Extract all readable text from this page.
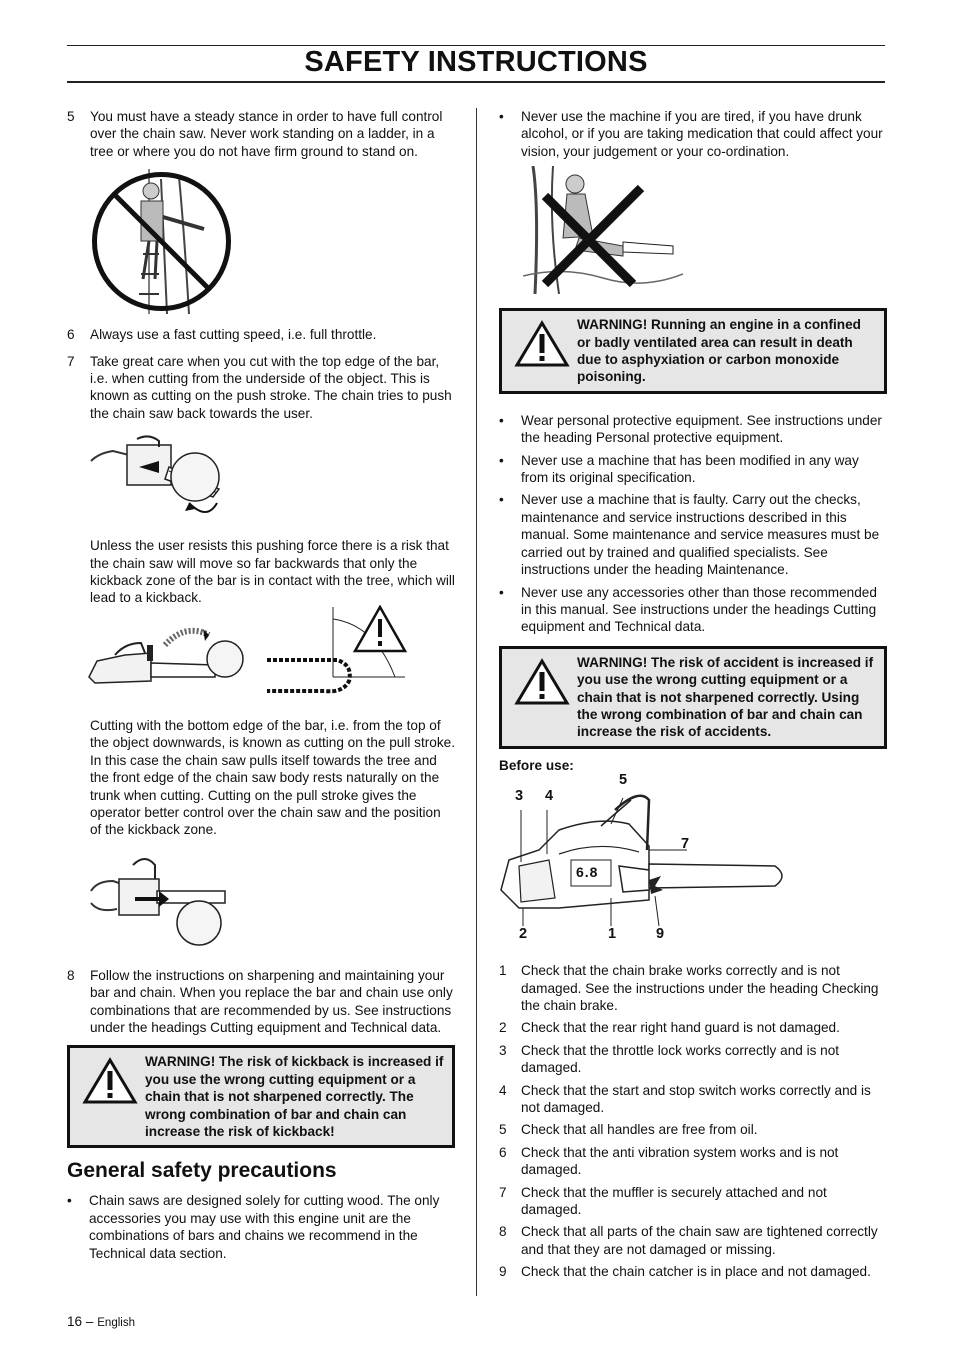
SAFETY INSTRUCTIONS
5	You must have a steady stance in order to have full control over the chain saw. Never work standing on a ladder, in a tree or where you do not have firm ground to stand on.
6	Always use a fast cutting speed, i.e. full throttle.
7	Take great care when you cut with the top edge of the bar, i.e. when cutting from the underside of the object. This is known as cutting on the push stroke. The chain tries to push the chain saw back towards the user.
Unless the user resists this pushing force there is a risk that the chain saw will move so far backwards that only the kickback zone of the bar is in contact with the tree, which will lead to a kickback.
Cutting with the bottom edge of the bar, i.e. from the top of the object downwards, is known as cutting on the pull stroke. In this case the chain saw pulls itself towards the tree and the front edge of the chain saw body rests naturally on the trunk when cutting. Cutting on the pull stroke gives the operator better control over the chain saw and the position of the kickback zone.
8	Follow the instructions on sharpening and maintaining your bar and chain. When you replace the bar and chain use only combinations that are recommended by us. See instructions under the headings Cutting equipment and Technical data.
WARNING! The risk of kickback is increased if you use the wrong cutting equipment or a chain that is not sharpened correctly. The wrong combination of bar and chain can increase the risk of kickback!
General safety precautions
•	Chain saws are designed solely for cutting wood. The only accessories you may use with this engine unit are the combinations of bars and chains we recommend in the Technical data section.
•	Never use the machine if you are tired, if you have drunk alcohol, or if you are taking medication that could affect your vision, your judgement or your co-ordination.
WARNING! Running an engine in a confined or badly ventilated area can result in death due to asphyxiation or carbon monoxide poisoning.
•	Wear personal protective equipment. See instructions under the heading Personal protective equipment.
•	Never use a machine that has been modified in any way from its original specification.
•	Never use a machine that is faulty. Carry out the checks, maintenance and service instructions described in this manual. Some maintenance and service measures must be carried out by trained and qualified specialists. See instructions under the heading Maintenance.
•	Never use any accessories other than those recommended in this manual. See instructions under the headings Cutting equipment and Technical data.
WARNING! The risk of accident is increased if you use the wrong cutting equipment or a chain that is not sharpened correctly. Using the wrong combination of bar and chain can increase the risk of accidents.
Before use:
3 4
5
7
6.8
2	1	9
1	Check that the chain brake works correctly and is not damaged. See the instructions under the heading Checking the chain brake.
2	Check that the rear right hand guard is not damaged.
3	Check that the throttle lock works correctly and is not damaged.
4	Check that the start and stop switch works correctly and is not damaged.
5	Check that all handles are free from oil.
6	Check that the anti vibration system works and is not damaged.
7	Check that the muffler is securely attached and not damaged.
8	Check that all parts of the chain saw are tightened correctly and that they are not damaged or missing.
9	Check that the chain catcher is in place and not damaged.
16 – English
